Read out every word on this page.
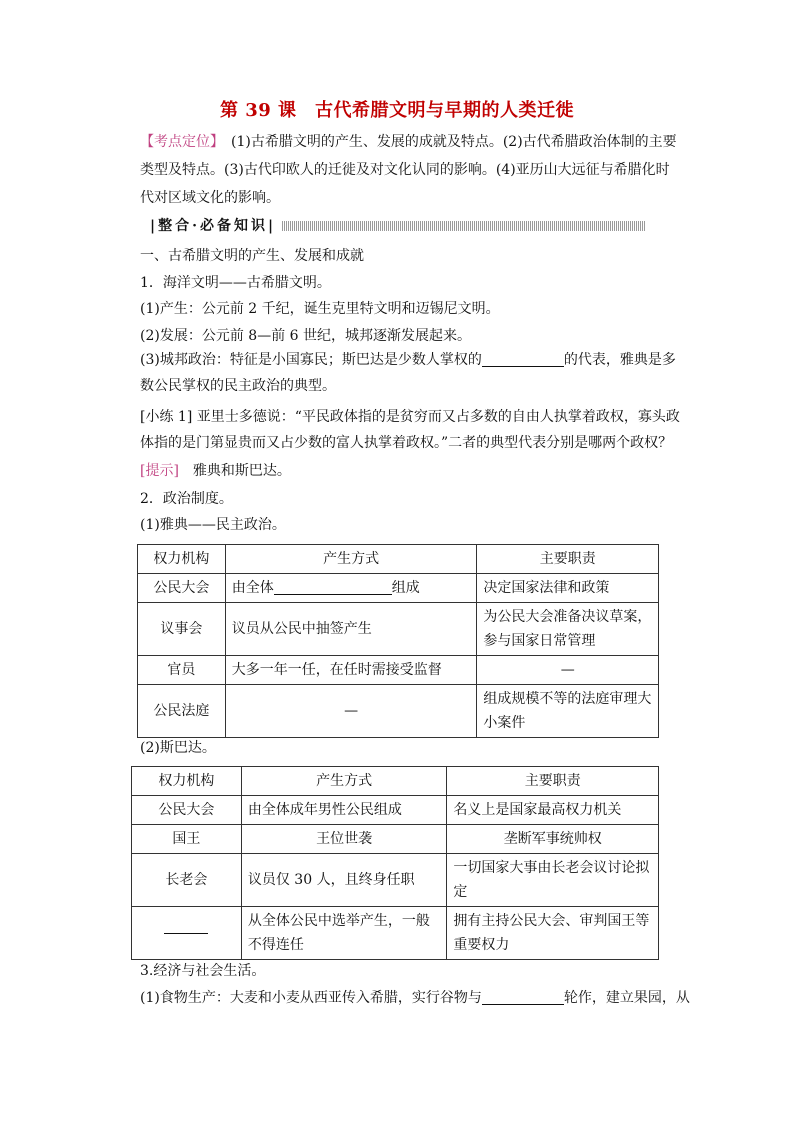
第 39 课　古代希腊文明与早期的人类迁徙
【考点定位】　(1)古希腊文明的产生、发展的成就及特点。(2)古代希腊政治体制的主要类型及特点。(3)古代印欧人的迁徙及对文化认同的影响。(4)亚历山大远征与希腊化时代对区域文化的影响。
|整合·必备知识|
一、古希腊文明的产生、发展和成就
1．海洋文明——古希腊文明。
(1)产生：公元前 2 千纪，诞生克里特文明和迈锡尼文明。
(2)发展：公元前 8—前 6 世纪，城邦逐渐发展起来。
(3)城邦政治：特征是小国寡民；斯巴达是少数人掌权的	的代表，雅典是多数公民掌权的民主政治的典型。
[小练 1] 亚里士多德说：“平民政体指的是贫穷而又占多数的自由人执掌着政权，寡头政体指的是门第显贵而又占少数的富人执掌着政权。”二者的典型代表分别是哪两个政权？
[提示]　雅典和斯巴达。
2．政治制度。
(1)雅典——民主政治。
权力机构	产生方式	主要职责
公民大会	由全体 组成	决定国家法律和政策
议事会	议员从公民中抽签产生	为公民大会准备决议草案，参与国家日常管理
官员	大多一年一任，在任时需接受监督	—
公民法庭	—	组成规模不等的法庭审理大小案件
(2)斯巴达。
权力机构	产生方式	主要职责
公民大会	由全体成年男性公民组成	名义上是国家最高权力机关
国王	王位世袭	垄断军事统帅权
长老会	议员仅 30 人，且终身任职	一切国家大事由长老会议讨论拟定
	从全体公民中选举产生，一般不得连任	拥有主持公民大会、审判国王等重要权力
3.经济与社会生活。
(1)食物生产：大麦和小麦从西亚传入希腊，实行谷物与	轮作，建立果园，从
